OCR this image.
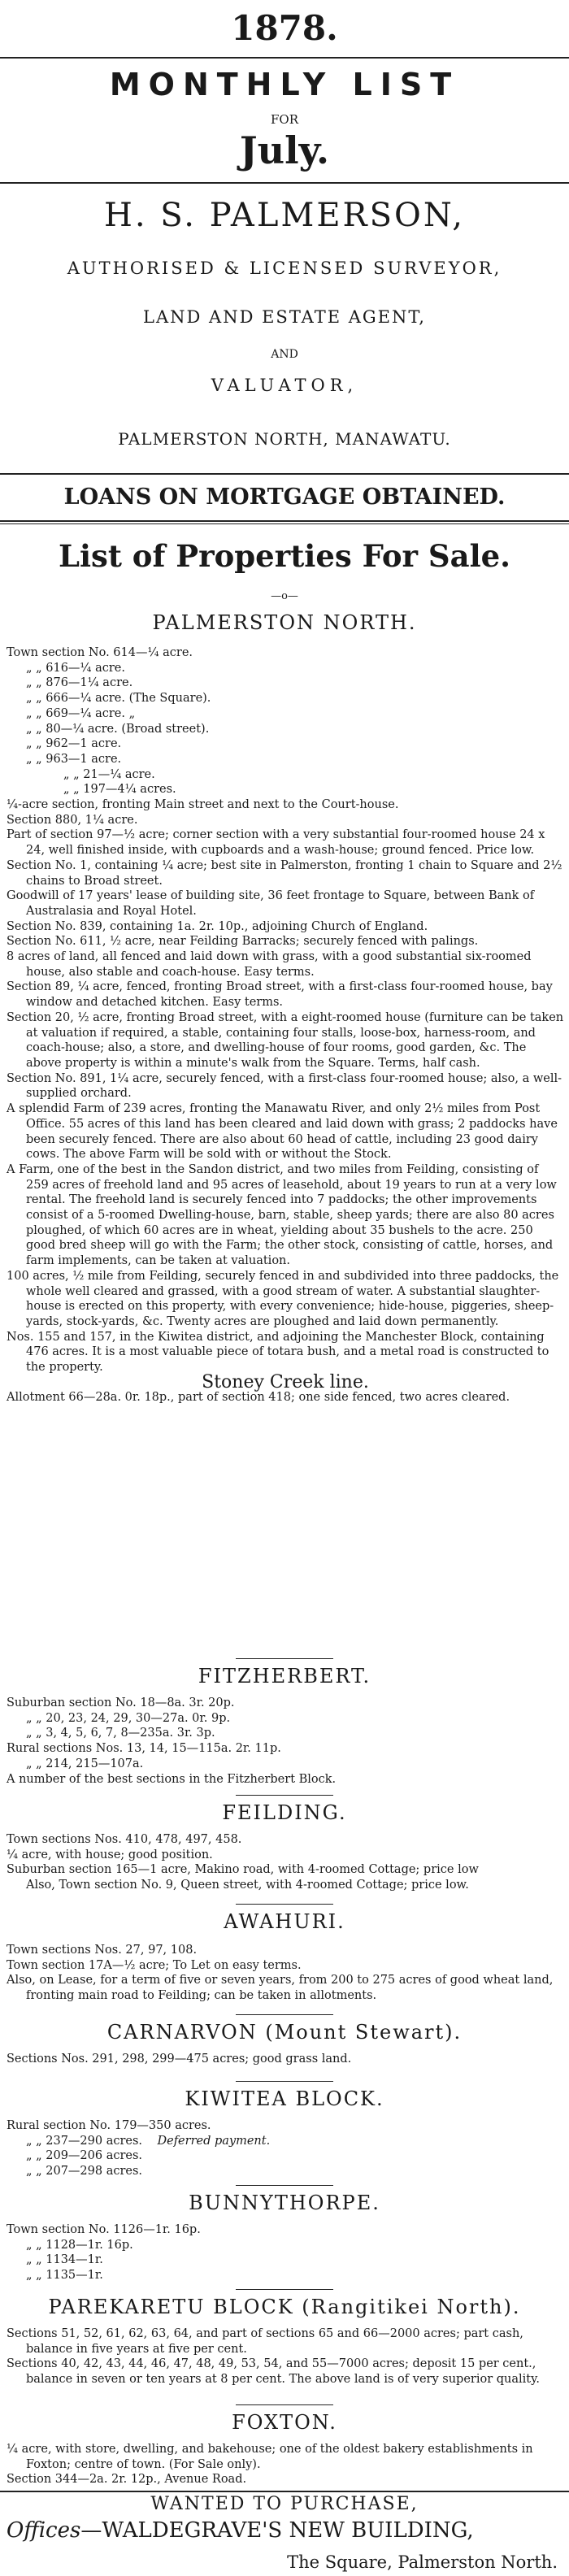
1878.
MONTHLY LIST
FOR
July.
H. S. PALMERSON,
AUTHORISED & LICENSED SURVEYOR,
LAND AND ESTATE AGENT,
AND
VALUATOR,
PALMERSTON NORTH, MANAWATU.
LOANS ON MORTGAGE OBTAINED.
List of Properties For Sale.
—o—
PALMERSTON NORTH.

Town section No. 614—¼ acre.

„ „ 616—¼ acre.

„ „ 876—1¼ acre.

„ „ 666—¼ acre. (The Square).

„ „ 669—¼ acre. „

„ „ 80—¼ acre. (Broad street).

„ „ 962—1 acre.

„ „ 963—1 acre.

„ „ 21—¼ acre.

„ „ 197—4¼ acres.

¼-acre section, fronting Main street and next to the Court-house.

Section 880, 1¼ acre.

Part of section 97—½ acre; corner section with a very substantial four-roomed house 24 x 24, well finished inside, with cupboards and a wash-house; ground fenced. Price low.

Section No. 1, containing ¼ acre; best site in Palmerston, fronting 1 chain to Square and 2½ chains to Broad street.

Goodwill of 17 years' lease of building site, 36 feet frontage to Square, between Bank of Australasia and Royal Hotel.

Section No. 839, containing 1a. 2r. 10p., adjoining Church of England.

Section No. 611, ½ acre, near Feilding Barracks; securely fenced with palings.

8 acres of land, all fenced and laid down with grass, with a good substantial six-roomed house, also stable and coach-house. Easy terms.

Section 89, ¼ acre, fenced, fronting Broad street, with a first-class four-roomed house, bay window and detached kitchen. Easy terms.

Section 20, ½ acre, fronting Broad street, with a eight-roomed house (furniture can be taken at valuation if required, a stable, containing four stalls, loose-box, harness-room, and coach-house; also, a store, and dwelling-house of four rooms, good garden, &c. The above property is within a minute's walk from the Square. Terms, half cash.

Section No. 891, 1¼ acre, securely fenced, with a first-class four-roomed house; also, a well-supplied orchard.

A splendid Farm of 239 acres, fronting the Manawatu River, and only 2½ miles from Post Office. 55 acres of this land has been cleared and laid down with grass; 2 paddocks have been securely fenced. There are also about 60 head of cattle, including 23 good dairy cows. The above Farm will be sold with or without the Stock.

A Farm, one of the best in the Sandon district, and two miles from Feilding, consisting of 259 acres of freehold land and 95 acres of leasehold, about 19 years to run at a very low rental. The freehold land is securely fenced into 7 paddocks; the other improvements consist of a 5-roomed Dwelling-house, barn, stable, sheep yards; there are also 80 acres ploughed, of which 60 acres are in wheat, yielding about 35 bushels to the acre. 250 good bred sheep will go with the Farm; the other stock, consisting of cattle, horses, and farm implements, can be taken at valuation.

100 acres, ½ mile from Feilding, securely fenced in and subdivided into three paddocks, the whole well cleared and grassed, with a good stream of water. A substantial slaughter-house is erected on this property, with every convenience; hide-house, piggeries, sheep-yards, stock-yards, &c. Twenty acres are ploughed and laid down permanently.

Nos. 155 and 157, in the Kiwitea district, and adjoining the Manchester Block, containing 476 acres. It is a most valuable piece of totara bush, and a metal road is constructed to the property.

Stoney Creek line.

Allotment 66—28a. 0r. 18p., part of section 418; one side fenced, two acres cleared.

FITZHERBERT.

Suburban section No. 18—8a. 3r. 20p.

„ „ 20, 23, 24, 29, 30—27a. 0r. 9p.

„ „ 3, 4, 5, 6, 7, 8—235a. 3r. 3p.

Rural sections Nos. 13, 14, 15—115a. 2r. 11p.

„ „ 214, 215—107a.

A number of the best sections in the Fitzherbert Block.

FEILDING.

Town sections Nos. 410, 478, 497, 458.

¼ acre, with house; good position.

Suburban section 165—1 acre, Makino road, with 4-roomed Cottage; price low

Also, Town section No. 9, Queen street, with 4-roomed Cottage; price low.

AWAHURI.

Town sections Nos. 27, 97, 108.

Town section 17A—½ acre; To Let on easy terms.

Also, on Lease, for a term of five or seven years, from 200 to 275 acres of good wheat land, fronting main road to Feilding; can be taken in allotments.

CARNARVON (Mount Stewart).

Sections Nos. 291, 298, 299—475 acres; good grass land.

KIWITEA BLOCK.

Rural section No. 179—350 acres.

„ „ 237—290 acres. Deferred payment.

„ „ 209—206 acres.

„ „ 207—298 acres.

BUNNYTHORPE.

Town section No. 1126—1r. 16p.

„ „ 1128—1r. 16p.

„ „ 1134—1r.

„ „ 1135—1r.

PAREKARETU BLOCK (Rangitikei North).

Sections 51, 52, 61, 62, 63, 64, and part of sections 65 and 66—2000 acres; part cash, balance in five years at five per cent.

Sections 40, 42, 43, 44, 46, 47, 48, 49, 53, 54, and 55—7000 acres; deposit 15 per cent., balance in seven or ten years at 8 per cent. The above land is of very superior quality.

FOXTON.

¼ acre, with store, dwelling, and bakehouse; one of the oldest bakery establishments in Foxton; centre of town. (For Sale only).

Section 344—2a. 2r. 12p., Avenue Road.

WANTED TO PURCHASE,
Offices—WALDEGRAVE'S NEW BUILDING,
The Square, Palmerston North.
